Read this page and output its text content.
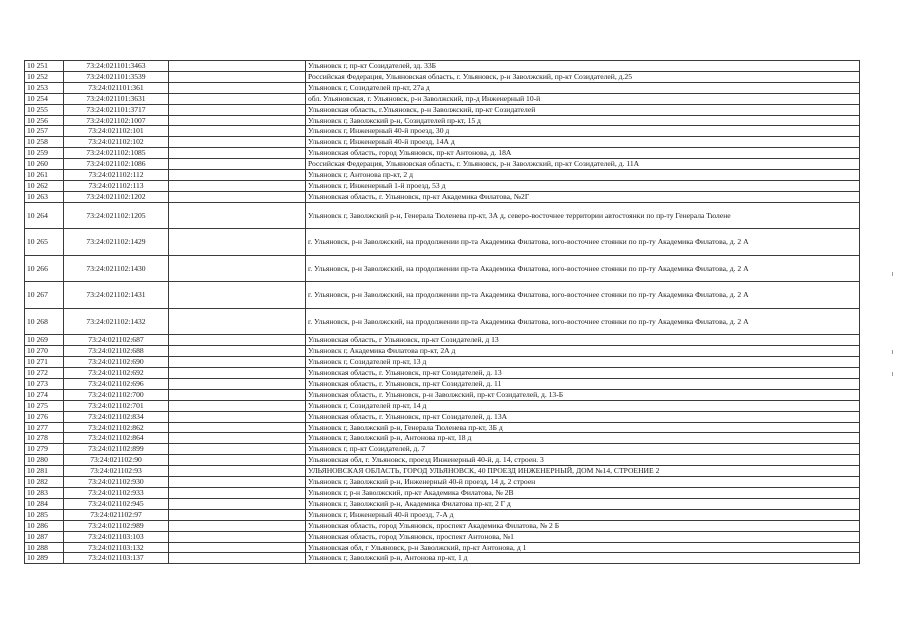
10 251	73:24:021101:3463		Ульяновск г, пр-кт Созидателей, зд. 33Б
10 252	73:24:021101:3539		Российская Федерация, Ульяновская область, г. Ульяновск, р-н Заволжский, пр-кт Созидателей, д.25
10 253	73:24:021101:361		Ульяновск г, Созидателей пр-кт, 27а д
10 254	73:24:021101:3631		обл. Ульяновская, г. Ульяновск, р-н Заволжский, пр-д Инженерный 10-й
10 255	73:24:021101:3717		Ульяновская область, г.Ульяновск, р-н Заволжский, пр-кт Созидателей
10 256	73:24:021102:1007		Ульяновск г, Заволжский р-н, Созидателей пр-кт, 15 д
10 257	73:24:021102:101		Ульяновск г, Инженерный 40-й проезд, 30 д
10 258	73:24:021102:102		Ульяновск г, Инженерный 40-й проезд, 14А д
10 259	73:24:021102:1085		Ульяновская область, город Ульяновск, пр-кт Антонова, д. 18А
10 260	73:24:021102:1086		Российская Федерация, Ульяновская область, г. Ульяновск, р-н Заволжский, пр-кт Созидателей, д. 11А
10 261	73:24:021102:112		Ульяновск г, Антонова пр-кт, 2 д
10 262	73:24:021102:113		Ульяновск г, Инженерный 1-й проезд, 53 д
10 263	73:24:021102:1202		Ульяновская область, г. Ульяновск, пр-кт Академика Филатова, №2Г
10 264	73:24:021102:1205		Ульяновск г, Заволжский р-н, Генерала Тюленева пр-кт, 3А д, северо-восточнее территории автостоянки по пр-ту Генерала Тюлене
10 265	73:24:021102:1429		г. Ульяновск, р-н Заволжский, на продолжении пр-та Академика Филатова, юго-восточнее стоянки по пр-ту Академика Филатова, д. 2 А
10 266	73:24:021102:1430		г. Ульяновск, р-н Заволжский, на продолжении пр-та Академика Филатова, юго-восточнее стоянки по пр-ту Академика Филатова, д. 2 А
10 267	73:24:021102:1431		г. Ульяновск, р-н Заволжский, на продолжении пр-та Академика Филатова, юго-восточнее стоянки по пр-ту Академика Филатова, д. 2 А
10 268	73:24:021102:1432		г. Ульяновск, р-н Заволжский, на продолжении пр-та Академика Филатова, юго-восточнее стоянки по пр-ту Академика Филатова, д. 2 А
10 269	73:24:021102:687		Ульяновская область, г Ульяновск, пр-кт Созидателей, д 13
10 270	73:24:021102:688		Ульяновск г, Академика Филатова пр-кт, 2А д
10 271	73:24:021102:690		Ульяновск г, Созидателей пр-кт, 13 д
10 272	73:24:021102:692		Ульяновская область, г. Ульяновск, пр-кт Созидателей, д. 13
10 273	73:24:021102:696		Ульяновская область, г. Ульяновск, пр-кт Созидателей, д. 11
10 274	73:24:021102:700		Ульяновская область, г. Ульяновск, р-н Заволжский, пр-кт Созидателей, д. 13-Б
10 275	73:24:021102:701		Ульяновск г, Созидателей пр-кт, 14 д
10 276	73:24:021102:834		Ульяновская область, г. Ульяновск, пр-кт Созидателей, д. 13А
10 277	73:24:021102:862		Ульяновск г, Заволжский р-н, Генерала Тюленева пр-кт, 3Б д
10 278	73:24:021102:864		Ульяновск г, Заволжский р-н, Антонова пр-кт, 18 д
10 279	73:24:021102:899		Ульяновск г, пр-кт Созидателей, д. 7
10 280	73:24:021102:90		Ульяновская обл, г. Ульяновск, проезд Инженерный 40-й, д. 14, строен. 3
10 281	73:24:021102:93		УЛЬЯНОВСКАЯ ОБЛАСТЬ, ГОРОД УЛЬЯНОВСК, 40 ПРОЕЗД ИНЖЕНЕРНЫЙ, ДОМ №14, СТРОЕНИЕ 2
10 282	73:24:021102:930		Ульяновск г, Заволжский р-н, Инженерный 40-й проезд, 14 д, 2 строен
10 283	73:24:021102:933		Ульяновск г, р-н Заволжский, пр-кт Академика Филатова, № 2В
10 284	73:24:021102:945		Ульяновск г, Заволжский р-н, Академика Филатова пр-кт, 2 Г д
10 285	73:24:021102:97		Ульяновск г, Инженерный 40-й проезд, 7-А д
10 286	73:24:021102:989		Ульяновская область, город Ульяновск, проспект Академика Филатова, № 2 Б
10 287	73:24:021103:103		Ульяновская область, город Ульяновск, проспект Антонова, №1
10 288	73:24:021103:132		Ульяновская обл, г Ульяновск, р-н Заволжский, пр-кт Антонова, д 1
10 289	73:24:021103:137		Ульяновск г, Заволжский р-н, Антонова пр-кт, 1 д
